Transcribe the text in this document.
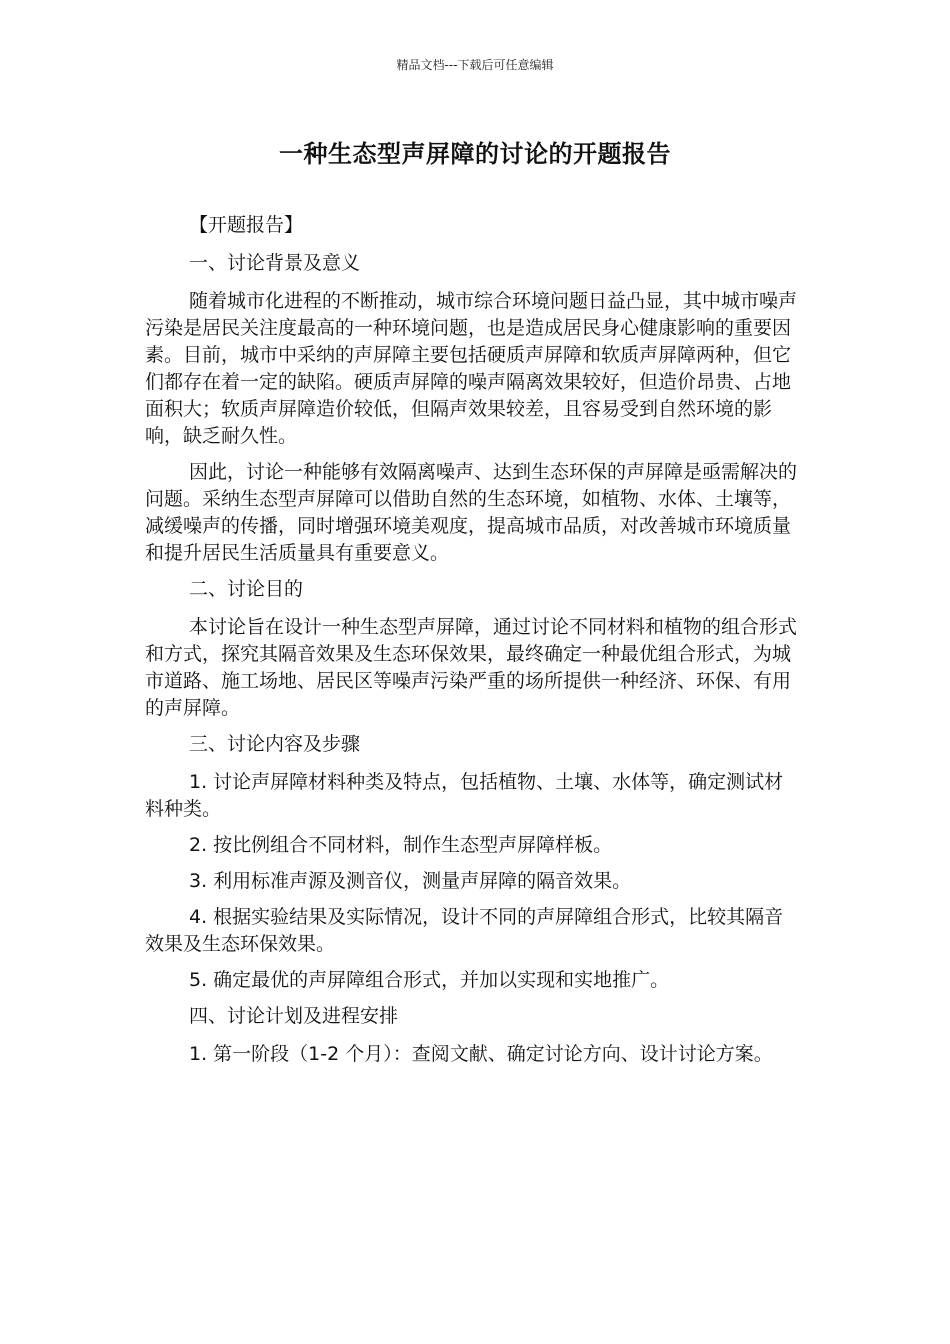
精品文档---下载后可任意编辑
一种生态型声屏障的讨论的开题报告

【开题报告】

一、讨论背景及意义

随着城市化进程的不断推动，城市综合环境问题日益凸显，其中城市噪声污染是居民关注度最高的一种环境问题，也是造成居民身心健康影响的重要因素。目前，城市中采纳的声屏障主要包括硬质声屏障和软质声屏障两种，但它们都存在着一定的缺陷。硬质声屏障的噪声隔离效果较好，但造价昂贵、占地面积大；软质声屏障造价较低，但隔声效果较差，且容易受到自然环境的影响，缺乏耐久性。

因此，讨论一种能够有效隔离噪声、达到生态环保的声屏障是亟需解决的问题。采纳生态型声屏障可以借助自然的生态环境，如植物、水体、土壤等，减缓噪声的传播，同时增强环境美观度，提高城市品质，对改善城市环境质量和提升居民生活质量具有重要意义。

二、讨论目的

本讨论旨在设计一种生态型声屏障，通过讨论不同材料和植物的组合形式和方式，探究其隔音效果及生态环保效果，最终确定一种最优组合形式，为城市道路、施工场地、居民区等噪声污染严重的场所提供一种经济、环保、有用的声屏障。

三、讨论内容及步骤

1. 讨论声屏障材料种类及特点，包括植物、土壤、水体等，确定测试材料种类。

2. 按比例组合不同材料，制作生态型声屏障样板。

3. 利用标准声源及测音仪，测量声屏障的隔音效果。

4. 根据实验结果及实际情况，设计不同的声屏障组合形式，比较其隔音效果及生态环保效果。

5. 确定最优的声屏障组合形式，并加以实现和实地推广。

四、讨论计划及进程安排

1. 第一阶段（1-2 个月）：查阅文献、确定讨论方向、设计讨论方案。
